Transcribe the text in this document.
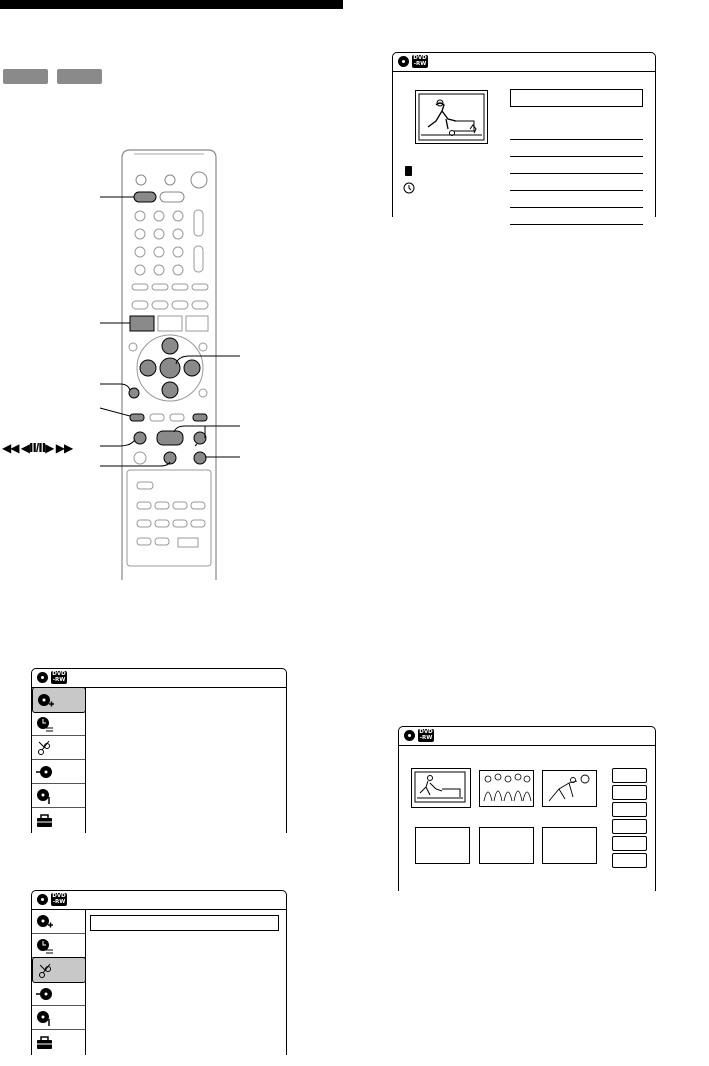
◀◀ ◀Ⅱ/Ⅱ▶ ▶▶
DVD
-RW
DVD
-RW
DVD
-RW
DVD
-RW
